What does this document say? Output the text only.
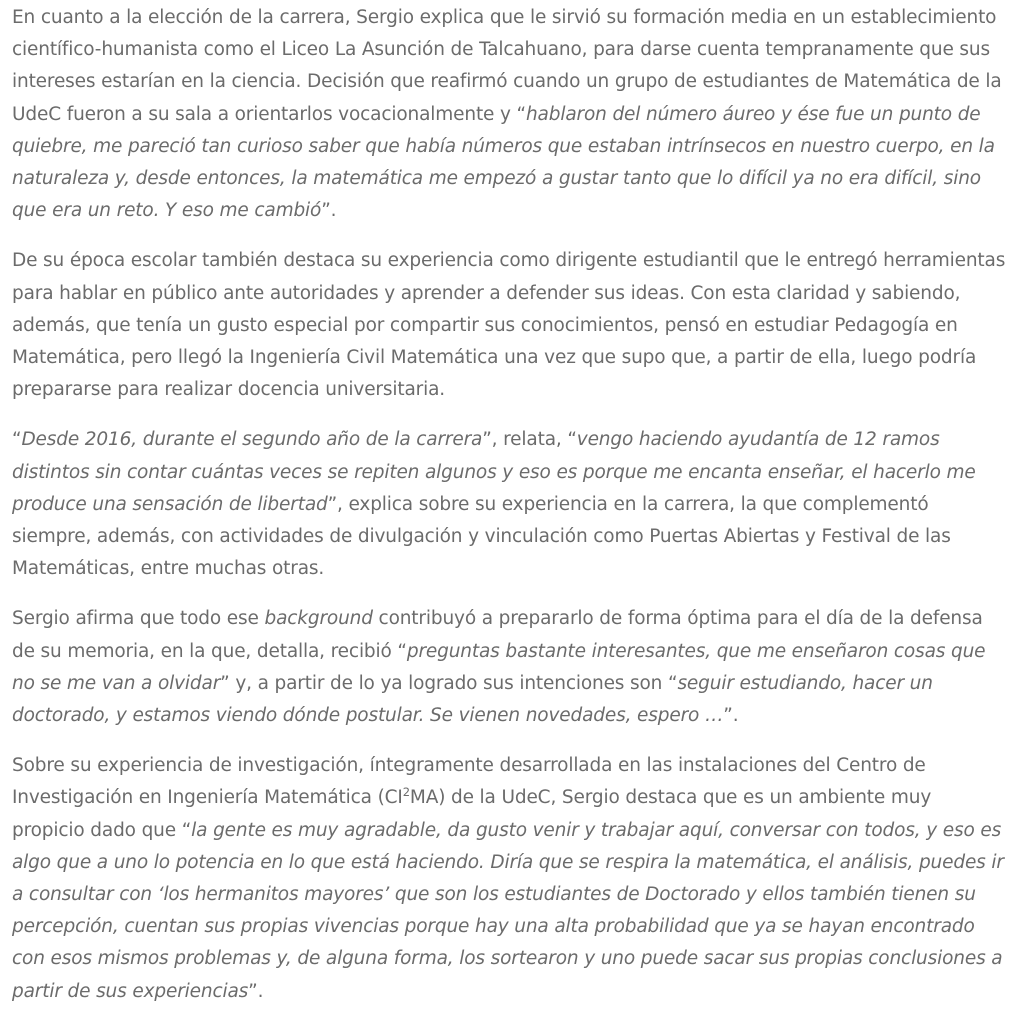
En cuanto a la elección de la carrera, Sergio explica que le sirvió su formación media en un establecimiento científico-humanista como el Liceo La Asunción de Talcahuano, para darse cuenta tempranamente que sus intereses estarían en la ciencia. Decisión que reafirmó cuando un grupo de estudiantes de Matemática de la UdeC fueron a su sala a orientarlos vocacionalmente y “hablaron del número áureo y ése fue un punto de quiebre, me pareció tan curioso saber que había números que estaban intrínsecos en nuestro cuerpo, en la naturaleza y, desde entonces, la matemática me empezó a gustar tanto que lo difícil ya no era difícil, sino que era un reto. Y eso me cambió”.

De su época escolar también destaca su experiencia como dirigente estudiantil que le entregó herramientas para hablar en público ante autoridades y aprender a defender sus ideas. Con esta claridad y sabiendo, además, que tenía un gusto especial por compartir sus conocimientos, pensó en estudiar Pedagogía en Matemática, pero llegó la Ingeniería Civil Matemática una vez que supo que, a partir de ella, luego podría prepararse para realizar docencia universitaria.

“Desde 2016, durante el segundo año de la carrera”, relata, “vengo haciendo ayudantía de 12 ramos distintos sin contar cuántas veces se repiten algunos y eso es porque me encanta enseñar, el hacerlo me produce una sensación de libertad”, explica sobre su experiencia en la carrera, la que complementó siempre, además, con actividades de divulgación y vinculación como Puertas Abiertas y Festival de las Matemáticas, entre muchas otras.

Sergio afirma que todo ese background contribuyó a prepararlo de forma óptima para el día de la defensa de su memoria, en la que, detalla, recibió “preguntas bastante interesantes, que me enseñaron cosas que no se me van a olvidar” y, a partir de lo ya logrado sus intenciones son “seguir estudiando, hacer un doctorado, y estamos viendo dónde postular. Se vienen novedades, espero …”.

Sobre su experiencia de investigación, íntegramente desarrollada en las instalaciones del Centro de Investigación en Ingeniería Matemática $(CI^2MA)$ de la UdeC, Sergio destaca que es un ambiente muy propicio dado que “la gente es muy agradable, da gusto venir y trabajar aquí, conversar con todos, y eso es algo que a uno lo potencia en lo que está haciendo. Diría que se respira la matemática, el análisis, puedes ir a consultar con ‘los hermanitos mayores’ que son los estudiantes de Doctorado y ellos también tienen su percepción, cuentan sus propias vivencias porque hay una alta probabilidad que ya se hayan encontrado con esos mismos problemas y, de alguna forma, los sortearon y uno puede sacar sus propias conclusiones a partir de sus experiencias”.
